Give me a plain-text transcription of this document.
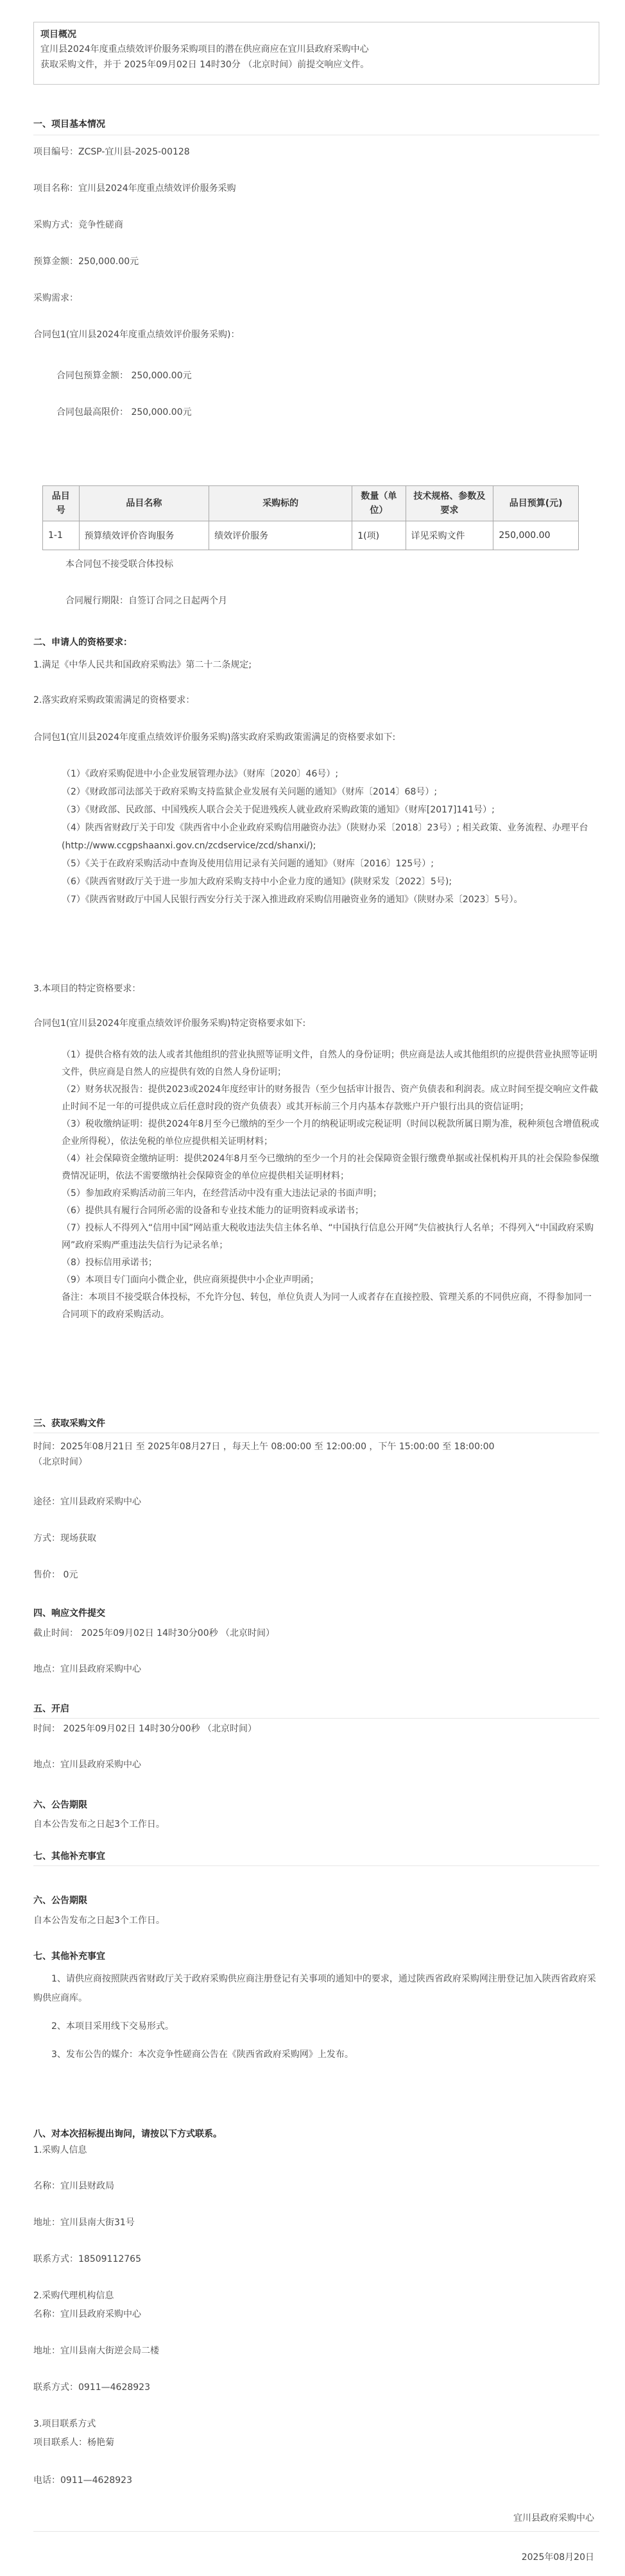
项目概况

宜川县2024年度重点绩效评价服务采购项目的潜在供应商应在宜川县政府采购中心

获取采购文件，并于 2025年09月02日 14时30分 （北京时间）前提交响应文件。

一、项目基本情况
项目编号：ZCSP-宜川县-2025-00128
项目名称：宜川县2024年度重点绩效评价服务采购
采购方式：竞争性磋商
预算金额：250,000.00元
采购需求：
合同包1(宜川县2024年度重点绩效评价服务采购)：
合同包预算金额： 250,000.00元
合同包最高限价： 250,000.00元
品目号	品目名称	采购标的	数量（单位）	技术规格、参数及要求	品目预算(元)
1-1	预算绩效评价咨询服务	绩效评价服务	1(项)	详见采购文件	250,000.00
本合同包不接受联合体投标
合同履行期限：自签订合同之日起两个月
二、申请人的资格要求：
1.满足《中华人民共和国政府采购法》第二十二条规定;
2.落实政府采购政策需满足的资格要求：
合同包1(宜川县2024年度重点绩效评价服务采购)落实政府采购政策需满足的资格要求如下:
（1）《政府采购促进中小企业发展管理办法》（财库〔2020〕46号）;
（2）《财政部司法部关于政府采购支持监狱企业发展有关问题的通知》（财库〔2014〕68号）;
（3）《财政部、民政部、中国残疾人联合会关于促进残疾人就业政府采购政策的通知》（财库[2017]141号）;
（4）陕西省财政厅关于印发《陕西省中小企业政府采购信用融资办法》（陕财办采〔2018〕23号）; 相关政策、业务流程、办理平台(http://www.ccgpshaanxi.gov.cn/zcdservice/zcd/shanxi/);
（5）《关于在政府采购活动中查询及使用信用记录有关问题的通知》（财库〔2016〕125号）;
（6）《陕西省财政厅关于进一步加大政府采购支持中小企业力度的通知》(陕财采发〔2022〕5号);
（7）《陕西省财政厅中国人民银行西安分行关于深入推进政府采购信用融资业务的通知》（陕财办采〔2023〕5号）。
3.本项目的特定资格要求：
合同包1(宜川县2024年度重点绩效评价服务采购)特定资格要求如下:
（1）提供合格有效的法人或者其他组织的营业执照等证明文件，自然人的身份证明；供应商是法人或其他组织的应提供营业执照等证明文件，供应商是自然人的应提供有效的自然人身份证明；
（2）财务状况报告：提供2023或2024年度经审计的财务报告（至少包括审计报告、资产负债表和利润表。成立时间至提交响应文件截止时间不足一年的可提供成立后任意时段的资产负债表）或其开标前三个月内基本存款账户开户银行出具的资信证明；
（3）税收缴纳证明：提供2024年8月至今已缴纳的至少一个月的纳税证明或完税证明（时间以税款所属日期为准，税种须包含增值税或企业所得税），依法免税的单位应提供相关证明材料；
（4）社会保障资金缴纳证明：提供2024年8月至今已缴纳的至少一个月的社会保障资金银行缴费单据或社保机构开具的社会保险参保缴费情况证明，依法不需要缴纳社会保障资金的单位应提供相关证明材料；
（5）参加政府采购活动前三年内，在经营活动中没有重大违法记录的书面声明；
（6）提供具有履行合同所必需的设备和专业技术能力的证明资料或承诺书；
（7）投标人不得列入“信用中国”网站重大税收违法失信主体名单、“中国执行信息公开网”失信被执行人名单；不得列入“中国政府采购网”政府采购严重违法失信行为记录名单；
（8）投标信用承诺书；
（9）本项目专门面向小微企业，供应商须提供中小企业声明函；
备注：本项目不接受联合体投标，不允许分包、转包，单位负责人为同一人或者存在直接控股、管理关系的不同供应商，不得参加同一合同项下的政府采购活动。
三、获取采购文件
时间：2025年08月21日 至 2025年08月27日 ，每天上午 08:00:00 至 12:00:00 ，下午 15:00:00 至 18:00:00
（北京时间）
途径：宜川县政府采购中心
方式：现场获取
售价： 0元
四、响应文件提交
截止时间： 2025年09月02日 14时30分00秒 （北京时间）
地点：宜川县政府采购中心
五、开启
时间： 2025年09月02日 14时30分00秒 （北京时间）
地点：宜川县政府采购中心
六、公告期限
自本公告发布之日起3个工作日。
七、其他补充事宜
六、公告期限
自本公告发布之日起3个工作日。
七、其他补充事宜
1、请供应商按照陕西省财政厅关于政府采购供应商注册登记有关事项的通知中的要求，通过陕西省政府采购网注册登记加入陕西省政府采购供应商库。
2、本项目采用线下交易形式。
3、发布公告的媒介：本次竞争性磋商公告在《陕西省政府采购网》上发布。
八、对本次招标提出询问，请按以下方式联系。
1.采购人信息
名称：宜川县财政局
地址：宜川县南大街31号
联系方式：18509112765
2.采购代理机构信息
名称：宜川县政府采购中心
地址：宜川县南大街逆会局二楼
联系方式：0911—4628923
3.项目联系方式
项目联系人：杨艳菊
电话：0911—4628923
宜川县政府采购中心
2025年08月20日
